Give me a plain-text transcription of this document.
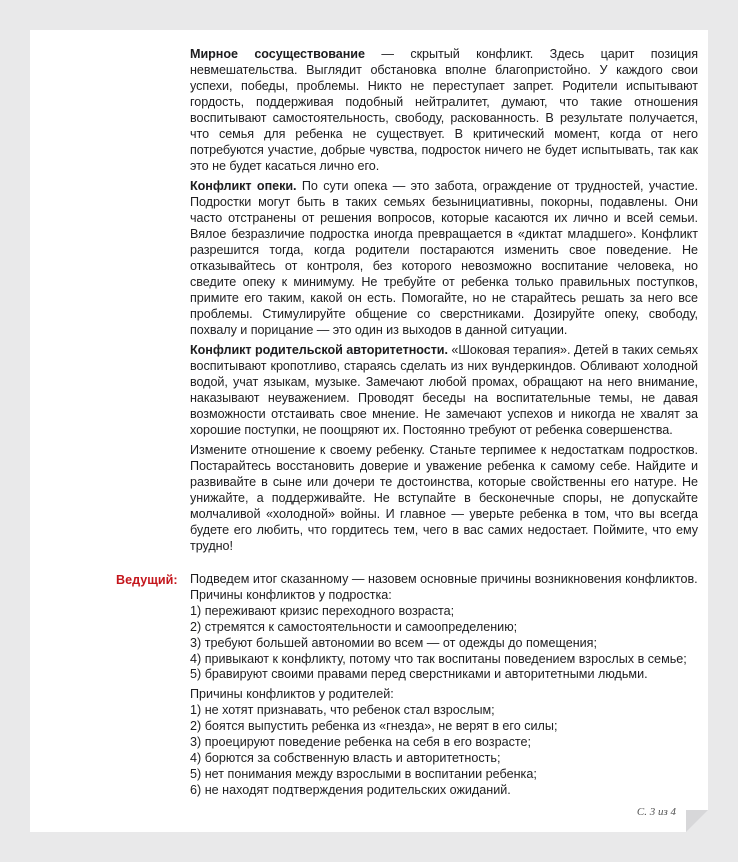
Мирное сосуществование — скрытый конфликт. Здесь царит позиция невмешательства. Выглядит обстановка вполне благопристойно. У каждого свои успехи, победы, проблемы. Никто не переступает запрет. Родители испытывают гордость, поддерживая подобный нейтралитет, думают, что такие отношения воспитывают самостоятельность, свободу, раскованность. В результате получается, что семья для ребенка не существует. В критический момент, когда от него потребуются участие, добрые чувства, подросток ничего не будет испытывать, так как это не будет касаться лично его.

Конфликт опеки. По сути опека — это забота, ограждение от трудностей, участие. Подростки могут быть в таких семьях безынициативны, покорны, подавлены. Они часто отстранены от решения вопросов, которые касаются их лично и всей семьи. Вялое безразличие подростка иногда превращается в «диктат младшего». Конфликт разрешится тогда, когда родители постараются изменить свое поведение. Не отказывайтесь от контроля, без которого невозможно воспитание человека, но сведите опеку к минимуму. Не требуйте от ребенка только правильных поступков, примите его таким, какой он есть. Помогайте, но не старайтесь решать за него все проблемы. Стимулируйте общение со сверстниками. Дозируйте опеку, свободу, похвалу и порицание — это один из выходов в данной ситуации.

Конфликт родительской авторитетности. «Шоковая терапия». Детей в таких семьях воспитывают кропотливо, стараясь сделать из них вундеркиндов. Обливают холодной водой, учат языкам, музыке. Замечают любой промах, обращают на него внимание, наказывают неуважением. Проводят беседы на воспитательные темы, не давая возможности отстаивать свое мнение. Не замечают успехов и никогда не хвалят за хорошие поступки, не поощряют их. Постоянно требуют от ребенка совершенства.

Измените отношение к своему ребенку. Станьте терпимее к недостаткам подростков. Постарайтесь восстановить доверие и уважение ребенка к самому себе. Найдите и развивайте в сыне или дочери те достоинства, которые свойственны его натуре. Не унижайте, а поддерживайте. Не вступайте в бесконечные споры, не допускайте молчаливой «холодной» войны. И главное — уверьте ребенка в том, что вы всегда будете его любить, что гордитесь тем, чего в вас самих недостает. Поймите, что ему трудно!

Ведущий: Подведем итог сказанному — назовем основные причины возникновения конфликтов.
Причины конфликтов у подростка:
1) переживают кризис переходного возраста;
2) стремятся к самостоятельности и самоопределению;
3) требуют большей автономии во всем — от одежды до помещения;
4) привыкают к конфликту, потому что так воспитаны поведением взрослых в семье;
5) бравируют своими правами перед сверстниками и авторитетными людьми.
Причины конфликтов у родителей:
1) не хотят признавать, что ребенок стал взрослым;
2) боятся выпустить ребенка из «гнезда», не верят в его силы;
3) проецируют поведение ребенка на себя в его возрасте;
4) борются за собственную власть и авторитетность;
5) нет понимания между взрослыми в воспитании ребенка;
6) не находят подтверждения родительских ожиданий.
С. 3 из 4
